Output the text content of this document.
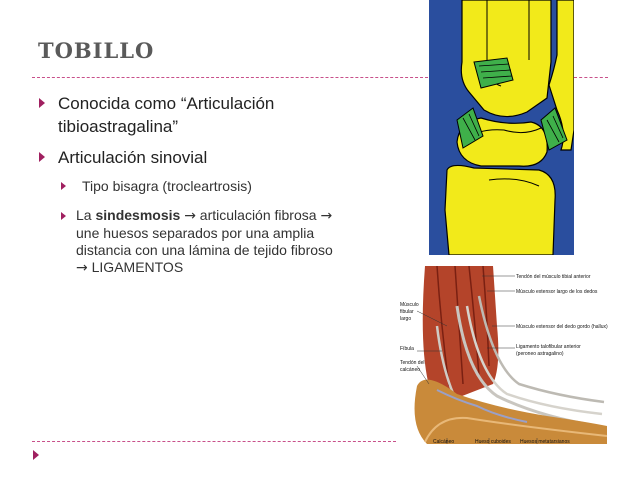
TOBILLO
Conocida como “Articulación
tibioastragalina”
Articulación sinovial
Tipo bisagra (trocleartrosis)
La sindesmosis → articulación fibrosa →
une huesos separados por una amplia
distancia con una lámina de tejido fibroso
→ LIGAMENTOS
Tendón del músculo tibial anterior
Músculo extensor largo de los dedos
Músculo
fibular
largo
Músculo extensor del dedo gordo (hallux)
Fíbula	Ligamento talofibular anterior
(peroneo astragalino)
Tendón del
calcáneo
Calcáneo	Hueso cuboides Huesos metatarsianos
